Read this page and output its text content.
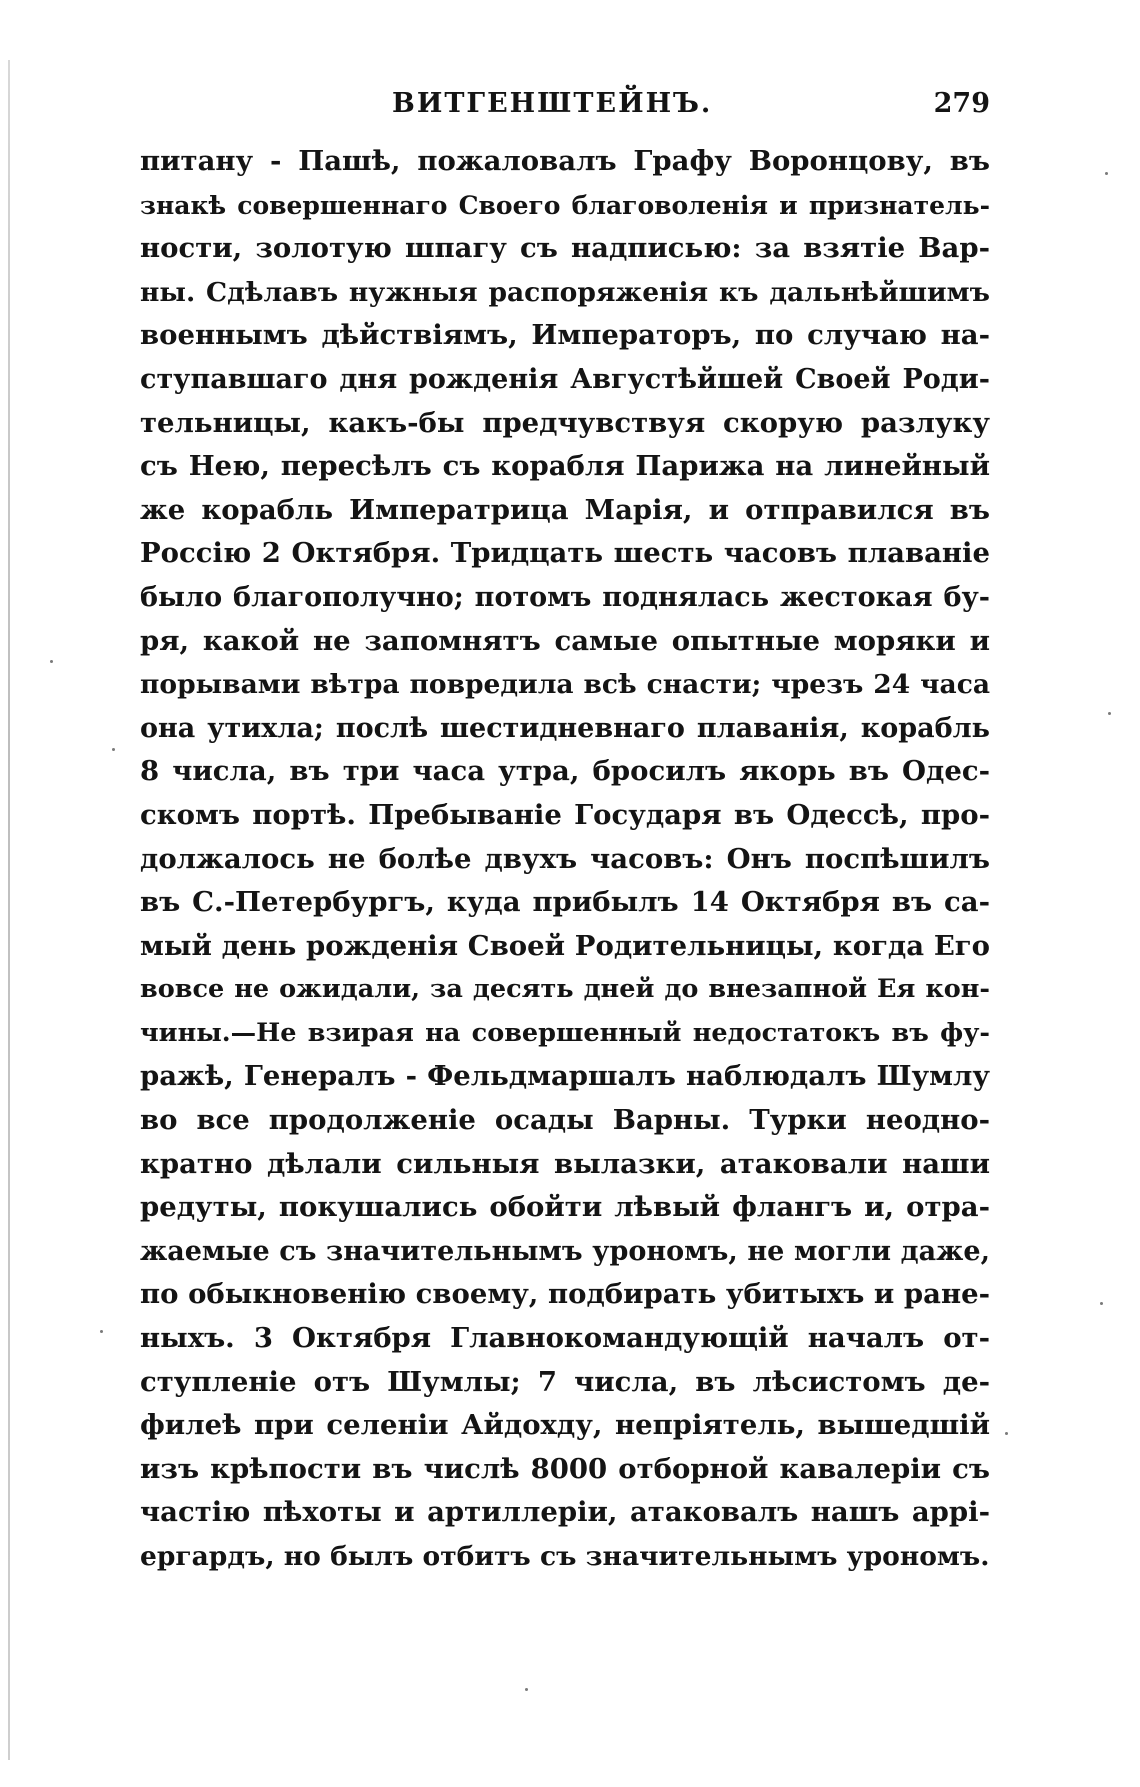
ВИТГЕНШТЕЙНЪ.	279
питану - Пашѣ, пожаловалъ Графу Воронцову, въ
знакѣ совершеннаго Своего благоволенія и признатель-
ности, золотую шпагу съ надписью: за взятіе Вар-
ны. Сдѣлавъ нужныя распоряженія къ дальнѣйшимъ
военнымъ дѣйствіямъ, Императоръ, по случаю на-
ступавшаго дня рожденія Августѣйшей Своей Роди-
тельницы, какъ-бы предчувствуя скорую разлуку
съ Нею, пересѣлъ съ корабля Парижа на линейный
же корабль Императрица Марія, и отправился въ
Россію 2 Октября. Тридцать шесть часовъ плаваніе
было благополучно; потомъ поднялась жестокая бу-
ря, какой не запомнятъ самые опытные моряки и
порывами вѣтра повредила всѣ снасти; чрезъ 24 часа
она утихла; послѣ шестидневнаго плаванія, корабль
8 числа, въ три часа утра, бросилъ якорь въ Одес-
скомъ портѣ. Пребываніе Государя въ Одессѣ, про-
должалось не болѣе двухъ часовъ: Онъ поспѣшилъ
въ С.-Петербургъ, куда прибылъ 14 Октября въ са-
мый день рожденія Своей Родительницы, когда Его
вовсе не ожидали, за десять дней до внезапной Ея кон-
чины.—Не взирая на совершенный недостатокъ въ фу-
ражѣ, Генералъ - Фельдмаршалъ наблюдалъ Шумлу
во все продолженіе осады Варны. Турки неодно-
кратно дѣлали сильныя вылазки, атаковали наши
редуты, покушались обойти лѣвый флангъ и, отра-
жаемые съ значительнымъ урономъ, не могли даже,
по обыкновенію своему, подбирать убитыхъ и ране-
ныхъ. 3 Октября Главнокомандующій началъ от-
ступленіе отъ Шумлы; 7 числа, въ лѣсистомъ де-
филеѣ при селеніи Айдохду, непріятель, вышедшій
изъ крѣпости въ числѣ 8000 отборной кавалеріи съ
частію пѣхоты и артиллеріи, атаковалъ нашъ аррі-
ергардъ, но былъ отбитъ съ значительнымъ урономъ.
